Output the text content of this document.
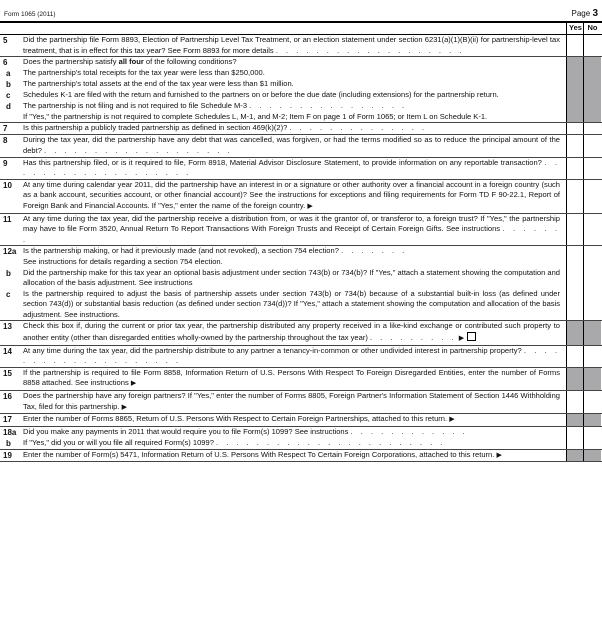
Form 1065 (2011)	Page 3
Yes No
5	Did the partnership file Form 8893, Election of Partnership Level Tax Treatment, or an election statement under section 6231(a)(1)(B)(ii) for partnership-level tax treatment, that is in effect for this tax year? See Form 8893 for more details . . . . . . . . . . . . . . . . . . .
6	Does the partnership satisfy all four of the following conditions?
a	The partnership's total receipts for the tax year were less than $250,000.
b	The partnership's total assets at the end of the tax year were less than $1 million.
c	Schedules K-1 are filed with the return and furnished to the partners on or before the due date (including extensions) for the partnership return.
d	The partnership is not filing and is not required to file Schedule M-3 . . . . . . . . . . . . . . . .
If "Yes," the partnership is not required to complete Schedules L, M-1, and M-2; Item F on page 1 of Form 1065; or Item L on Schedule K-1.
7	Is this partnership a publicly traded partnership as defined in section 469(k)(2)? . . . . . . . . . . . . . .
8	During the tax year, did the partnership have any debt that was cancelled, was forgiven, or had the terms modified so as to reduce the principal amount of the debt? . . . . . . . . . . . . . . . . . . .
9	Has this partnership filed, or is it required to file, Form 8918, Material Advisor Disclosure Statement, to provide information on any reportable transaction? . . . . . . . . . . . . . . . . . . .
10	At any time during calendar year 2011, did the partnership have an interest in or a signature or other authority over a financial account in a foreign country (such as a bank account, securities account, or other financial account)? See the instructions for exceptions and filing requirements for Form TD F 90-22.1, Report of Foreign Bank and Financial Accounts. If "Yes," enter the name of the foreign country. ▶
11	At any time during the tax year, did the partnership receive a distribution from, or was it the grantor of, or transferor to, a foreign trust? If "Yes," the partnership may have to file Form 3520, Annual Return To Report Transactions With Foreign Trusts and Receipt of Certain Foreign Gifts. See instructions . . . . . . .
12a Is the partnership making, or had it previously made (and not revoked), a section 754 election? . . . . . . .
See instructions for details regarding a section 754 election.
b	Did the partnership make for this tax year an optional basis adjustment under section 743(b) or 734(b)? If "Yes," attach a statement showing the computation and allocation of the basis adjustment. See instructions
c	Is the partnership required to adjust the basis of partnership assets under section 743(b) or 734(b) because of a substantial built-in loss (as defined under section 743(d)) or substantial basis reduction (as defined under section 734(d))? If "Yes," attach a statement showing the computation and allocation of the basis adjustment. See instructions.
13	Check this box if, during the current or prior tax year, the partnership distributed any property received in a like-kind exchange or contributed such property to another entity (other than disregarded entities wholly-owned by the partnership throughout the tax year) . . . . . . . . . ▶
14	At any time during the tax year, did the partnership distribute to any partner a tenancy-in-common or other undivided interest in partnership property? . . . . . . . . . . . . . . . . . . . .
15	If the partnership is required to file Form 8858, Information Return of U.S. Persons With Respect To Foreign Disregarded Entities, enter the number of Forms 8858 attached. See instructions ▶
16	Does the partnership have any foreign partners? If "Yes," enter the number of Forms 8805, Foreign Partner's Information Statement of Section 1446 Withholding Tax, filed for this partnership. ▶
17	Enter the number of Forms 8865, Return of U.S. Persons With Respect to Certain Foreign Partnerships, attached to this return. ▶
18a Did you make any payments in 2011 that would require you to file Form(s) 1099? See instructions . . . . . . . . . . . .
b	If "Yes," did you or will you file all required Form(s) 1099? . . . . . . . . . . . . . . . . . . . . . . .
19	Enter the number of Form(s) 5471, Information Return of U.S. Persons With Respect To Certain Foreign Corporations, attached to this return. ▶
